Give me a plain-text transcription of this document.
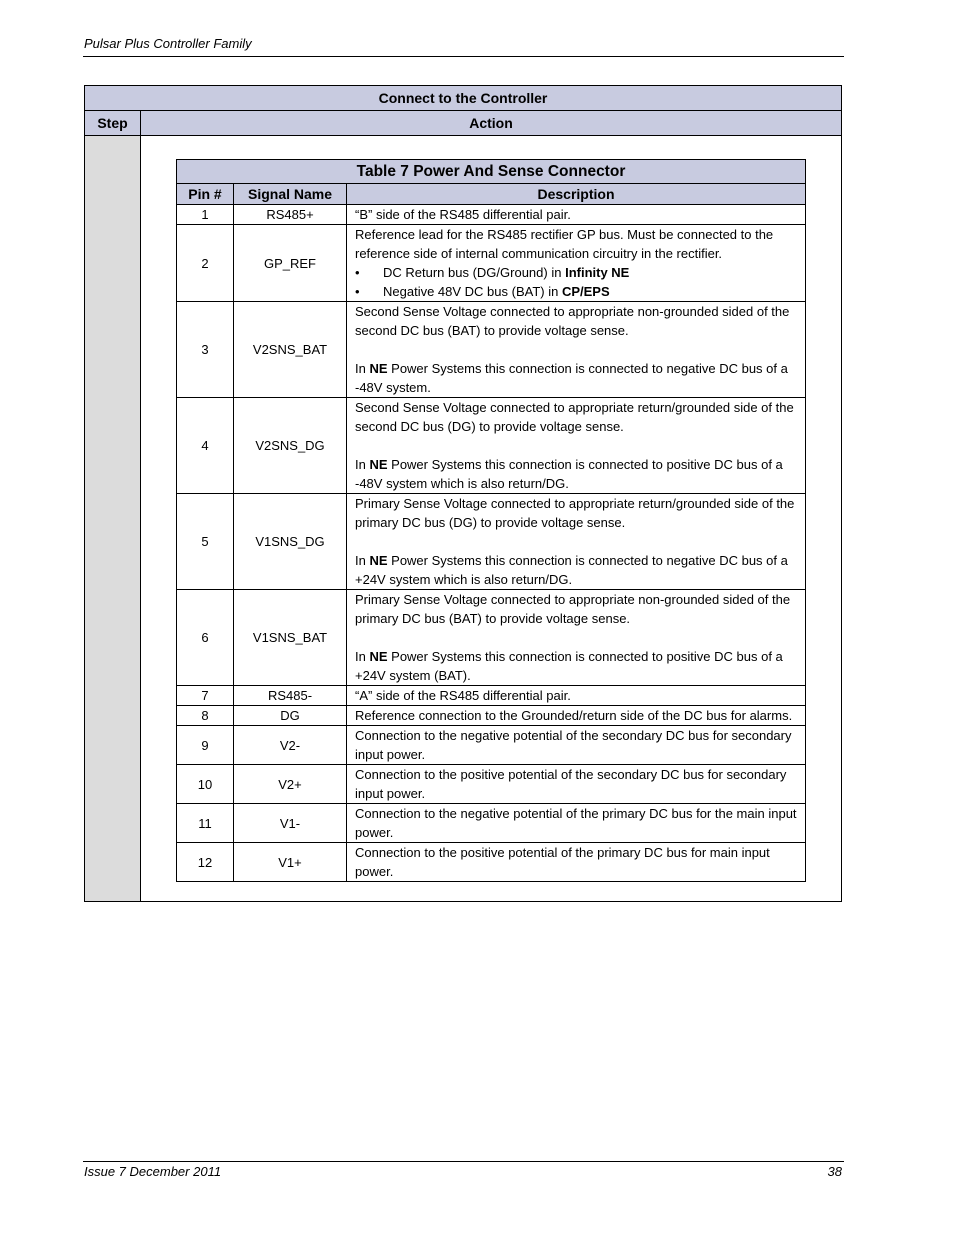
Pulsar Plus Controller Family
Connect to the Controller
Step	Action
Table 7 Power And Sense Connector		
Pin #	Signal Name	Description
1	RS485+	“B” side of the RS485 differential pair.
2	GP_REF	Reference lead for the RS485 rectifier GP bus. Must be connected to the reference side of internal communication circuitry in the rectifier.
• DC Return bus (DG/Ground) in Infinity NE
• Negative 48V DC bus (BAT) in CP/EPS

3	V2SNS_BAT	Second Sense Voltage connected to appropriate non-grounded sided of the second DC bus (BAT) to provide voltage sense.
In NE Power Systems this connection is connected to negative DC bus of a -48V system.

4	V2SNS_DG	Second Sense Voltage connected to appropriate return/grounded side of the second DC bus (DG) to provide voltage sense.
In NE Power Systems this connection is connected to positive DC bus of a -48V system which is also return/DG.

5	V1SNS_DG	Primary Sense Voltage connected to appropriate return/grounded side of the primary DC bus (DG) to provide voltage sense.
In NE Power Systems this connection is connected to negative DC bus of a +24V system which is also return/DG.

6	V1SNS_BAT	Primary Sense Voltage connected to appropriate non-grounded sided of the primary DC bus (BAT) to provide voltage sense.
In NE Power Systems this connection is connected to positive DC bus of a +24V system (BAT).

7	RS485-	“A” side of the RS485 differential pair.
8	DG	Reference connection to the Grounded/return side of the DC bus for alarms.
9	V2-	Connection to the negative potential of the secondary DC bus for secondary input power.
10	V2+	Connection to the positive potential of the secondary DC bus for secondary input power.
11	V1-	Connection to the negative potential of the primary DC bus for the main input power.
12	V1+	Connection to the positive potential of the primary DC bus for main input power.
Issue 7 December 2011	38
